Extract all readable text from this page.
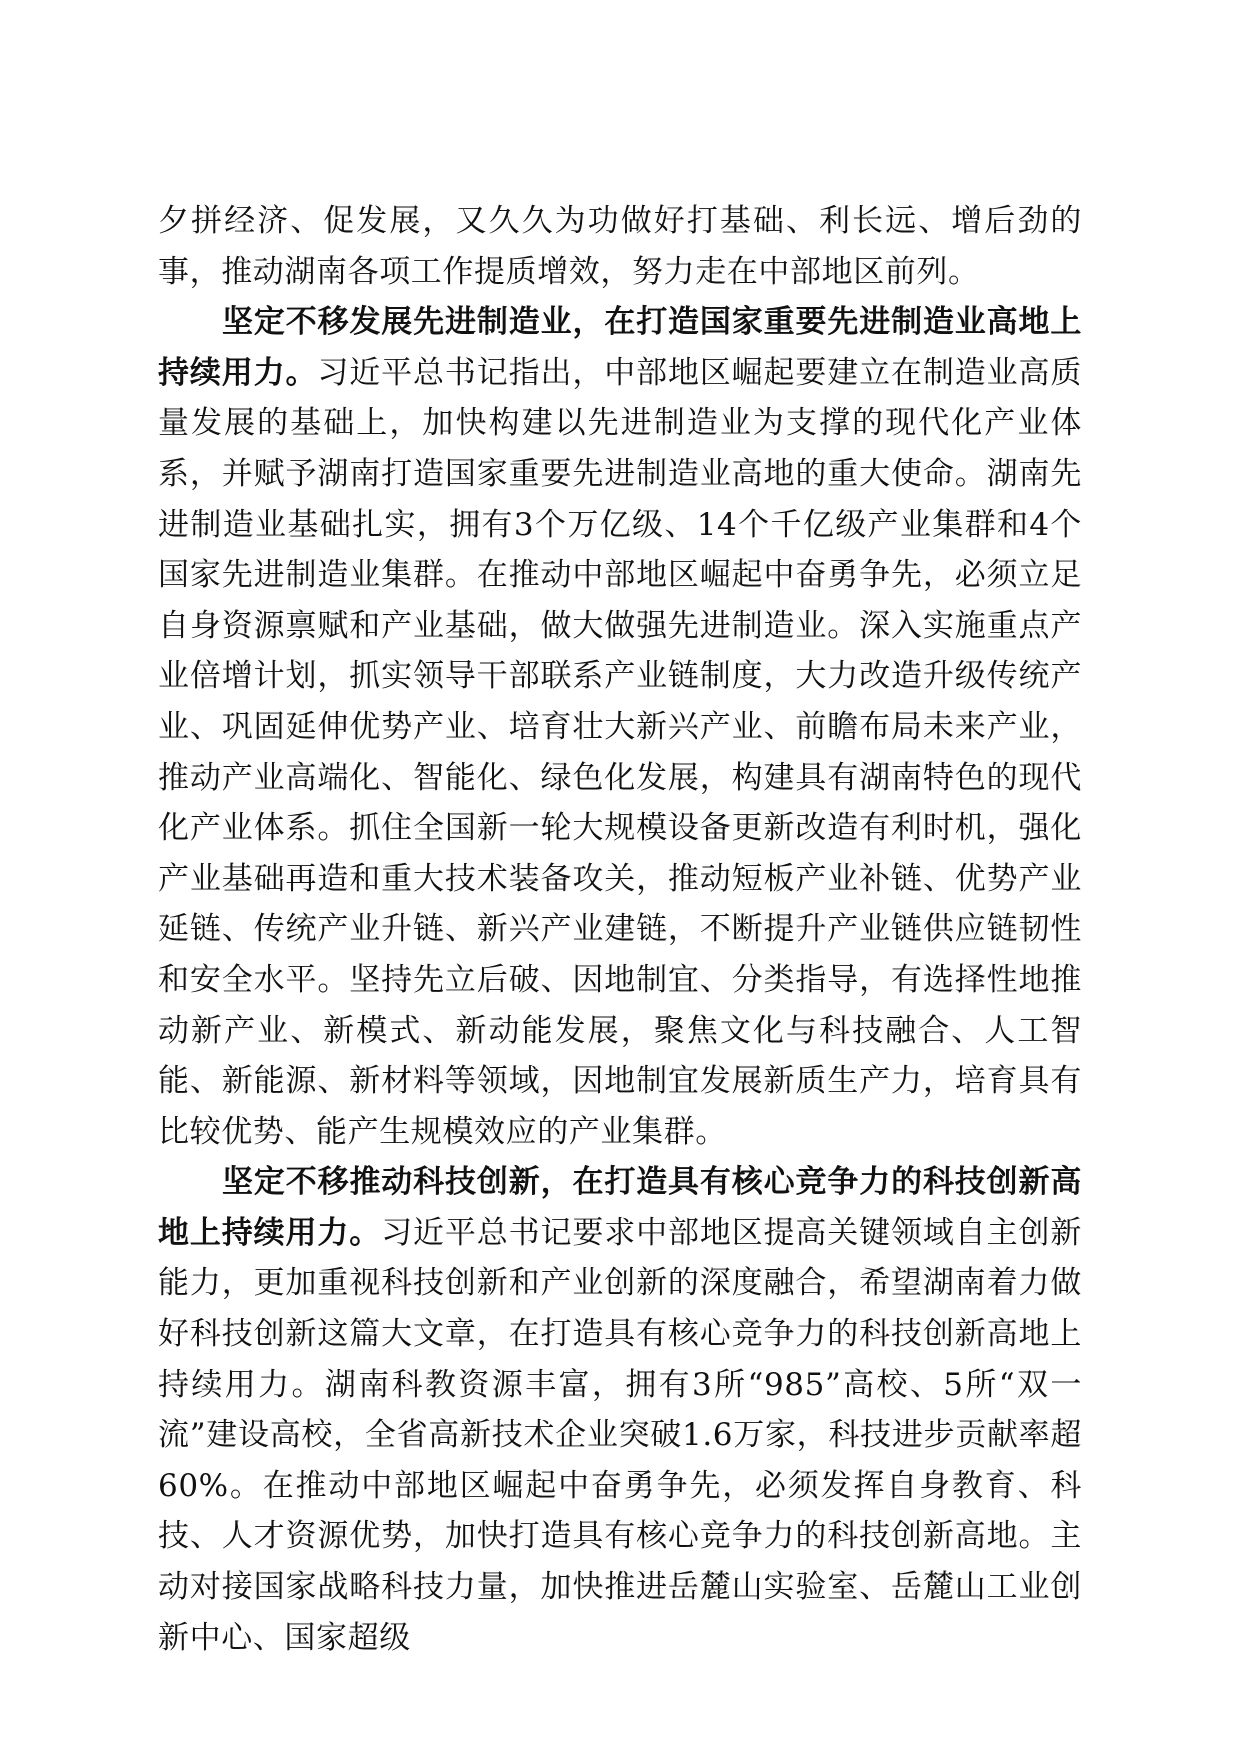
夕拼经济、促发展，又久久为功做好打基础、利长远、增后劲的事，推动湖南各项工作提质增效，努力走在中部地区前列。

坚定不移发展先进制造业，在打造国家重要先进制造业高地上持续用力。习近平总书记指出，中部地区崛起要建立在制造业高质量发展的基础上，加快构建以先进制造业为支撑的现代化产业体系，并赋予湖南打造国家重要先进制造业高地的重大使命。湖南先进制造业基础扎实，拥有3个万亿级、14个千亿级产业集群和4个国家先进制造业集群。在推动中部地区崛起中奋勇争先，必须立足自身资源禀赋和产业基础，做大做强先进制造业。深入实施重点产业倍增计划，抓实领导干部联系产业链制度，大力改造升级传统产业、巩固延伸优势产业、培育壮大新兴产业、前瞻布局未来产业，推动产业高端化、智能化、绿色化发展，构建具有湖南特色的现代化产业体系。抓住全国新一轮大规模设备更新改造有利时机，强化产业基础再造和重大技术装备攻关，推动短板产业补链、优势产业延链、传统产业升链、新兴产业建链，不断提升产业链供应链韧性和安全水平。坚持先立后破、因地制宜、分类指导，有选择性地推动新产业、新模式、新动能发展，聚焦文化与科技融合、人工智能、新能源、新材料等领域，因地制宜发展新质生产力，培育具有比较优势、能产生规模效应的产业集群。

坚定不移推动科技创新，在打造具有核心竞争力的科技创新高地上持续用力。习近平总书记要求中部地区提高关键领域自主创新能力，更加重视科技创新和产业创新的深度融合，希望湖南着力做好科技创新这篇大文章，在打造具有核心竞争力的科技创新高地上持续用力。湖南科教资源丰富，拥有3所“985”高校、5所“双一流”建设高校，全省高新技术企业突破1.6万家，科技进步贡献率超60%。在推动中部地区崛起中奋勇争先，必须发挥自身教育、科技、人才资源优势，加快打造具有核心竞争力的科技创新高地。主动对接国家战略科技力量，加快推进岳麓山实验室、岳麓山工业创新中心、国家超级
